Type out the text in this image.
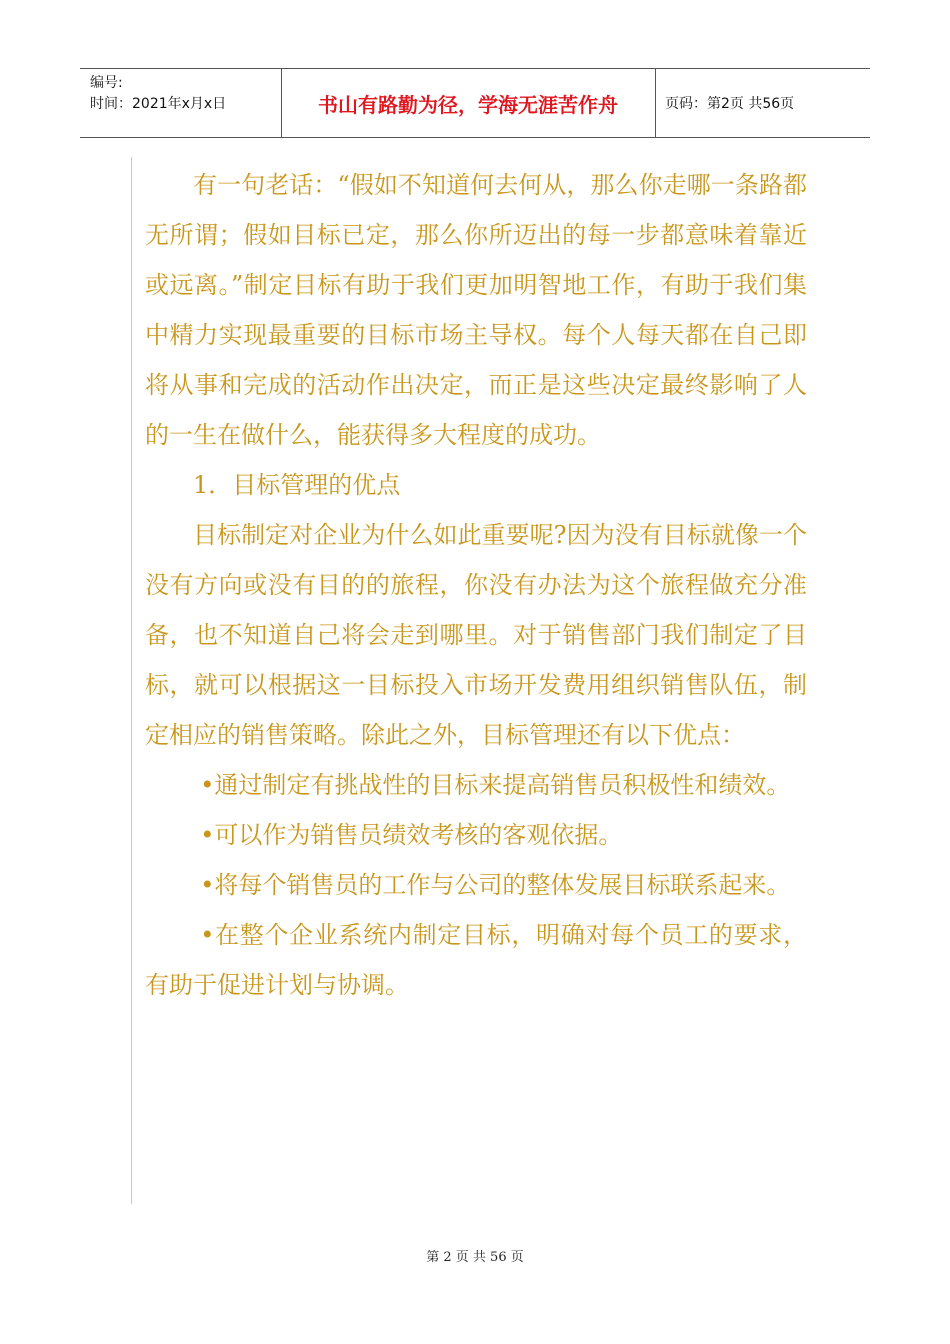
编号:
时间：2021年x月x日	书山有路勤为径，学海无涯苦作舟	页码：第2页 共56页

有一句老话：“假如不知道何去何从，那么你走哪一条路都无所谓；假如目标已定，那么你所迈出的每一步都意味着靠近或远离。”制定目标有助于我们更加明智地工作，有助于我们集中精力实现最重要的目标市场主导权。每个人每天都在自己即将从事和完成的活动作出决定，而正是这些决定最终影响了人的一生在做什么，能获得多大程度的成功。

1．目标管理的优点

目标制定对企业为什么如此重要呢?因为没有目标就像一个没有方向或没有目的的旅程，你没有办法为这个旅程做充分准备，也不知道自己将会走到哪里。对于销售部门我们制定了目标，就可以根据这一目标投入市场开发费用组织销售队伍，制定相应的销售策略。除此之外，目标管理还有以下优点：

•通过制定有挑战性的目标来提高销售员积极性和绩效。

•可以作为销售员绩效考核的客观依据。

•将每个销售员的工作与公司的整体发展目标联系起来。

•在整个企业系统内制定目标，明确对每个员工的要求，有助于促进计划与协调。

第 2 页 共 56 页
